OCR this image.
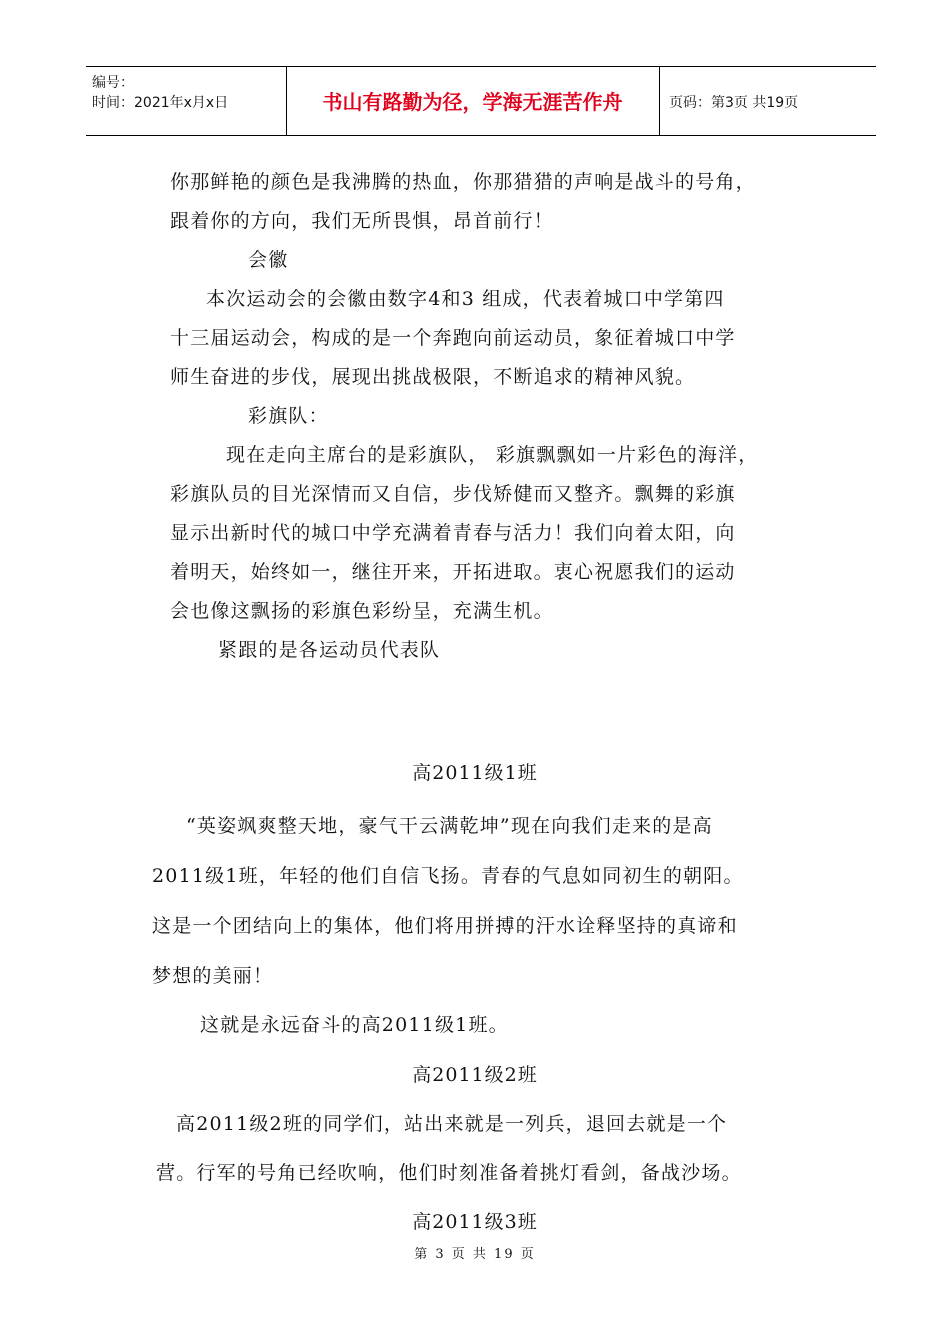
编号：
时间：2021年x月x日	书山有路勤为径，学海无涯苦作舟	页码：第3页 共19页
你那鲜艳的颜色是我沸腾的热血，你那猎猎的声响是战斗的号角，
跟着你的方向，我们无所畏惧，昂首前行！
会徽
本次运动会的会徽由数字4和3 组成，代表着城口中学第四
十三届运动会，构成的是一个奔跑向前运动员，象征着城口中学
师生奋进的步伐，展现出挑战极限，不断追求的精神风貌。
彩旗队：
现在走向主席台的是彩旗队， 彩旗飘飘如一片彩色的海洋，
彩旗队员的目光深情而又自信，步伐矫健而又整齐。飘舞的彩旗
显示出新时代的城口中学充满着青春与活力！我们向着太阳，向
着明天，始终如一，继往开来，开拓进取。衷心祝愿我们的运动
会也像这飘扬的彩旗色彩纷呈，充满生机。
紧跟的是各运动员代表队
高2011级1班
“英姿飒爽整天地，豪气干云满乾坤”现在向我们走来的是高
2011级1班，年轻的他们自信飞扬。青春的气息如同初生的朝阳。
这是一个团结向上的集体，他们将用拼搏的汗水诠释坚持的真谛和
梦想的美丽！
这就是永远奋斗的高2011级1班。
高2011级2班
高2011级2班的同学们，站出来就是一列兵，退回去就是一个
营。行军的号角已经吹响，他们时刻准备着挑灯看剑，备战沙场。
高2011级3班
第 3 页 共 19 页
